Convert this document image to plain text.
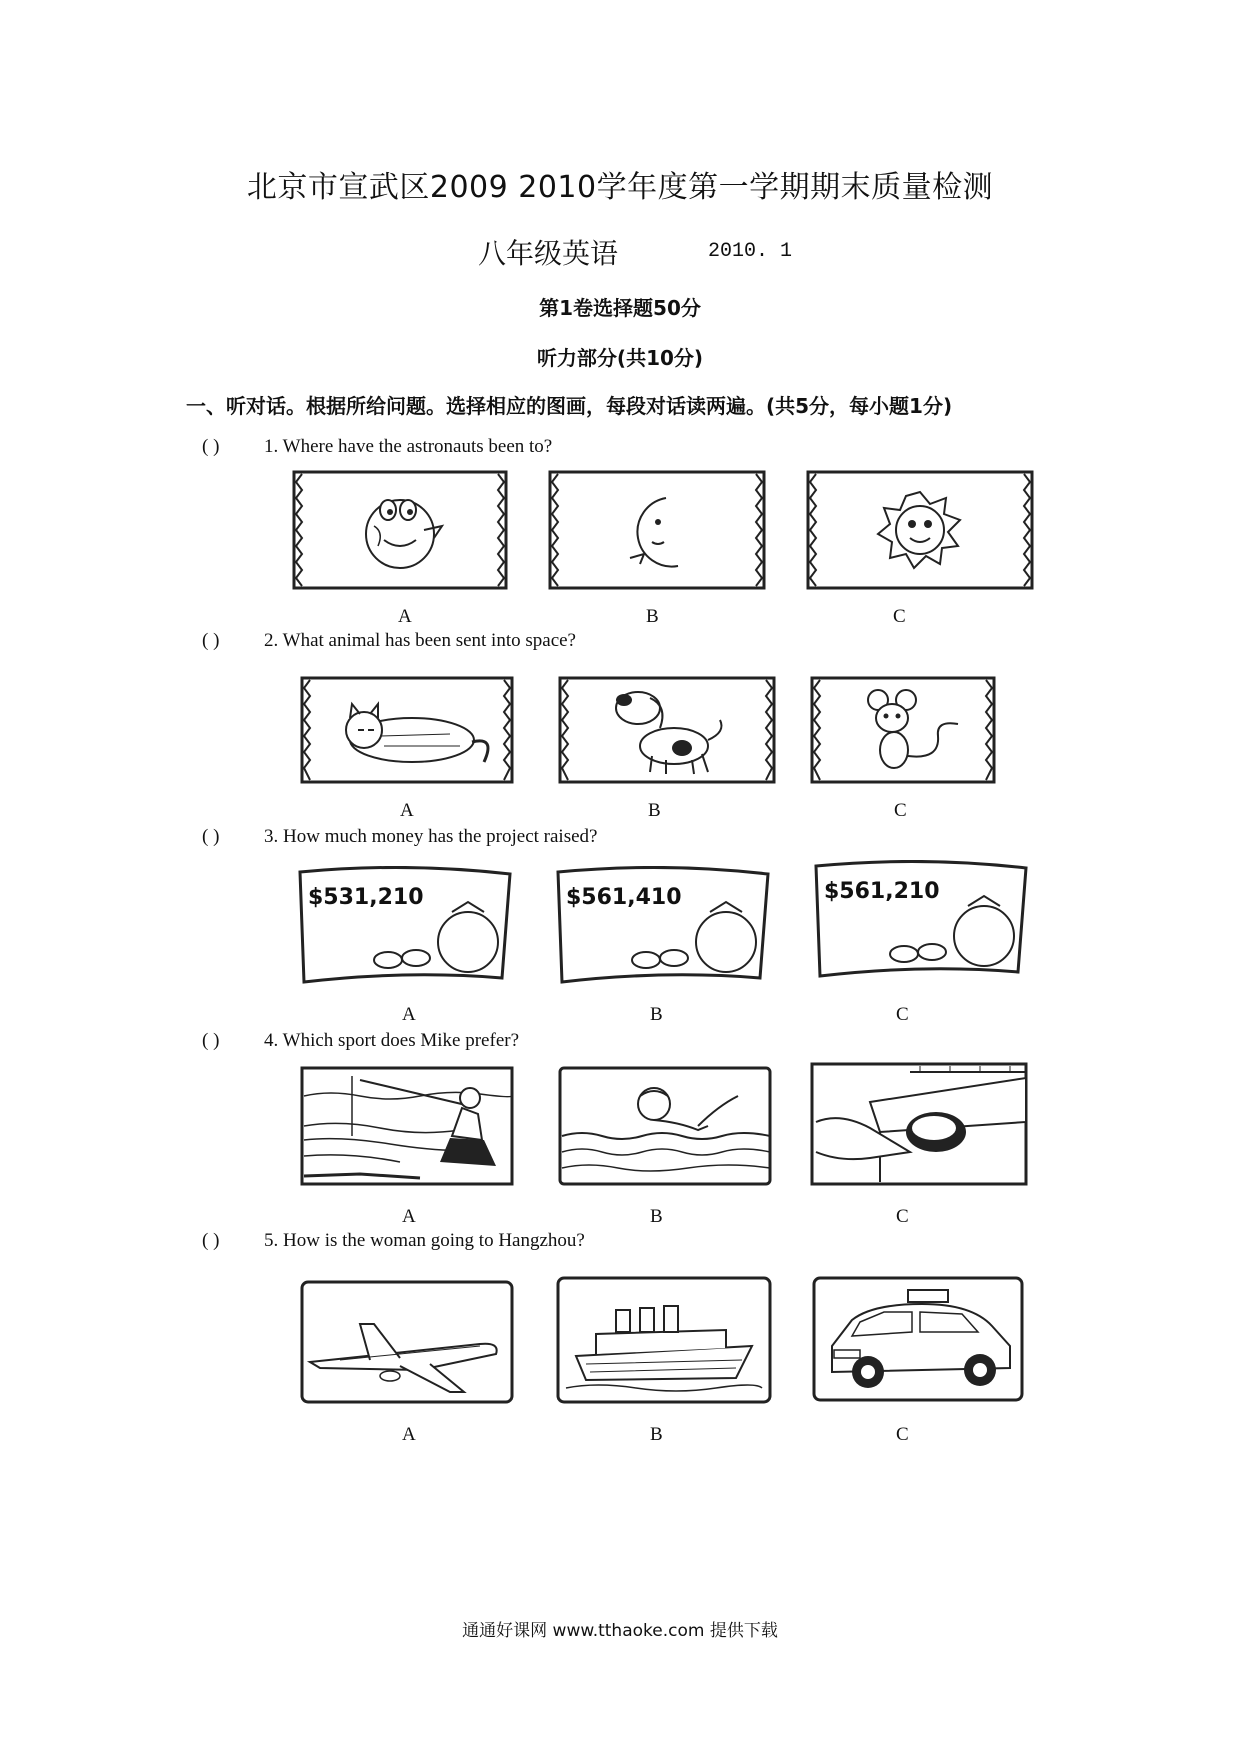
北京市宣武区2009 2010学年度第一学期期末质量检测
八年级英语	2010. 1
第1卷选择题50分
听力部分(共10分)
一、听对话。根据所给问题。选择相应的图画，每段对话读两遍。(共5分，每小题1分)
( ) 1. Where have the astronauts been to?
A	B	C
( ) 2. What animal has been sent into space?
A	B	C
( ) 3. How much money has the project raised?
$531,210	$561,410	$561,210
A	B	C
( ) 4. Which sport does Mike prefer?
A	B	C
( ) 5. How is the woman going to Hangzhou?
A	B	C
通通好课网 www.tthaoke.com 提供下载
